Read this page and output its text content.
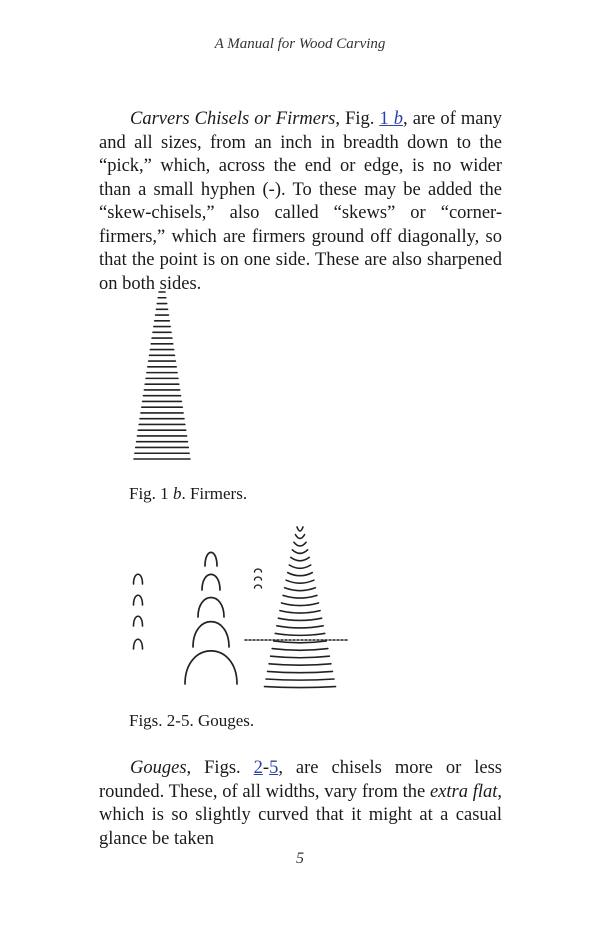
A Manual for Wood Carving

Carvers Chisels or Firmers, Fig. 1 b, are of many and all sizes, from an inch in breadth down to the “pick,” which, across the end or edge, is no wider than a small hyphen (-). To these may be added the “skew-chisels,” also called “skews” or “corner-firmers,” which are firmers ground off diagonally, so that the point is on one side. These are also sharpened on both sides.

Fig. 1 b. Firmers.

Figs. 2-5. Gouges.

Gouges, Figs. 2-5, are chisels more or less rounded. These, of all widths, vary from the extra flat, which is so slightly curved that it might at a casual glance be taken

5
